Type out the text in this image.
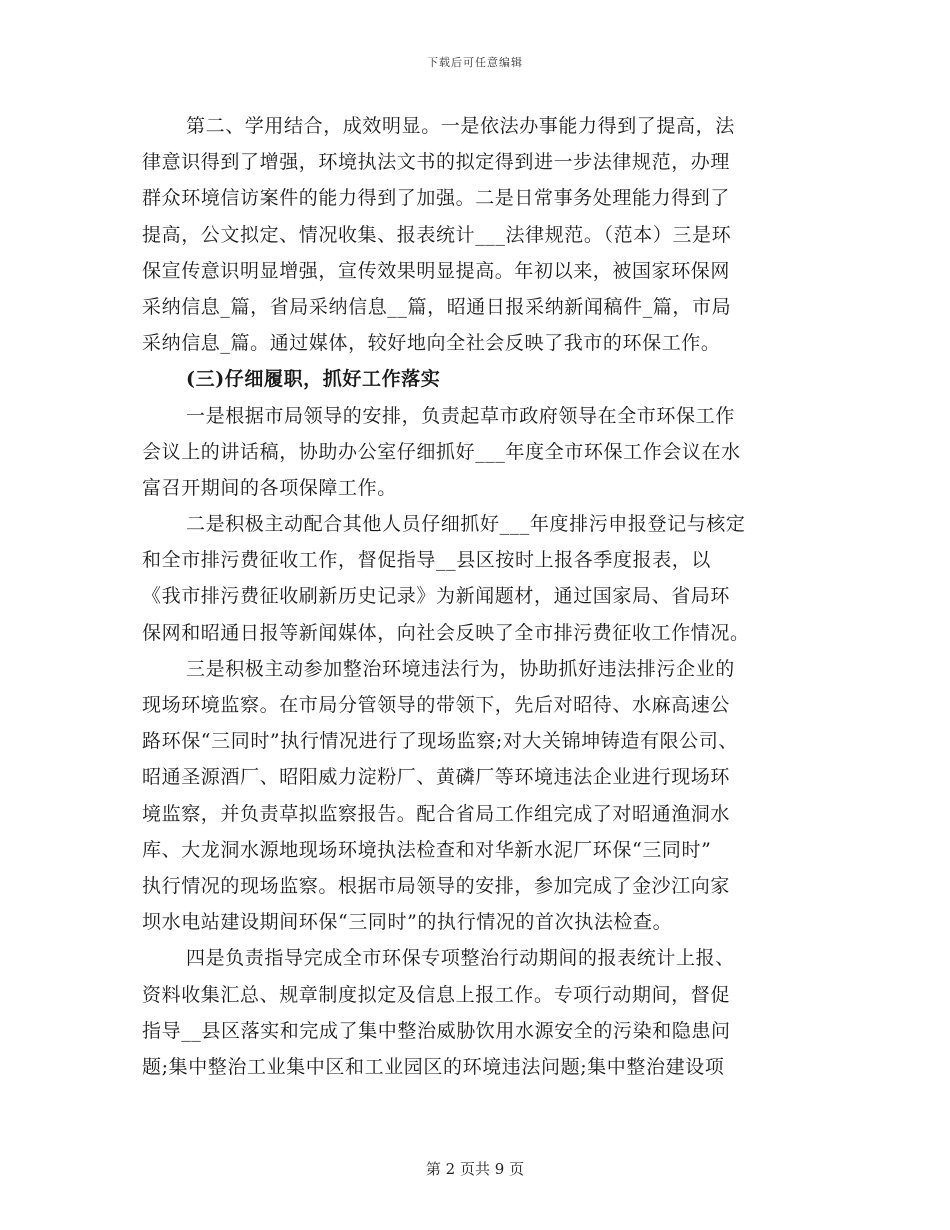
下载后可任意编辑
第二、学用结合，成效明显。一是依法办事能力得到了提高，法
律意识得到了增强，环境执法文书的拟定得到进一步法律规范，办理
群众环境信访案件的能力得到了加强。二是日常事务处理能力得到了
提高，公文拟定、情况收集、报表统计___法律规范。（范本）三是环
保宣传意识明显增强，宣传效果明显提高。年初以来，被国家环保网
采纳信息_篇，省局采纳信息__篇，昭通日报采纳新闻稿件_篇，市局
采纳信息_篇。通过媒体，较好地向全社会反映了我市的环保工作。
(三)仔细履职，抓好工作落实
一是根据市局领导的安排，负责起草市政府领导在全市环保工作
会议上的讲话稿，协助办公室仔细抓好___年度全市环保工作会议在水
富召开期间的各项保障工作。
二是积极主动配合其他人员仔细抓好___年度排污申报登记与核定
和全市排污费征收工作，督促指导__县区按时上报各季度报表，以
《我市排污费征收刷新历史记录》为新闻题材，通过国家局、省局环
保网和昭通日报等新闻媒体，向社会反映了全市排污费征收工作情况。
三是积极主动参加整治环境违法行为，协助抓好违法排污企业的
现场环境监察。在市局分管领导的带领下，先后对昭待、水麻高速公
路环保“三同时”执行情况进行了现场监察;对大关锦坤铸造有限公司、
昭通圣源酒厂、昭阳威力淀粉厂、黄磷厂等环境违法企业进行现场环
境监察，并负责草拟监察报告。配合省局工作组完成了对昭通渔洞水
库、大龙洞水源地现场环境执法检查和对华新水泥厂环保“三同时”
执行情况的现场监察。根据市局领导的安排，参加完成了金沙江向家
坝水电站建设期间环保“三同时”的执行情况的首次执法检查。
四是负责指导完成全市环保专项整治行动期间的报表统计上报、
资料收集汇总、规章制度拟定及信息上报工作。专项行动期间，督促
指导__县区落实和完成了集中整治威胁饮用水源安全的污染和隐患问
题;集中整治工业集中区和工业园区的环境违法问题;集中整治建设项
第 2 页共 9 页
